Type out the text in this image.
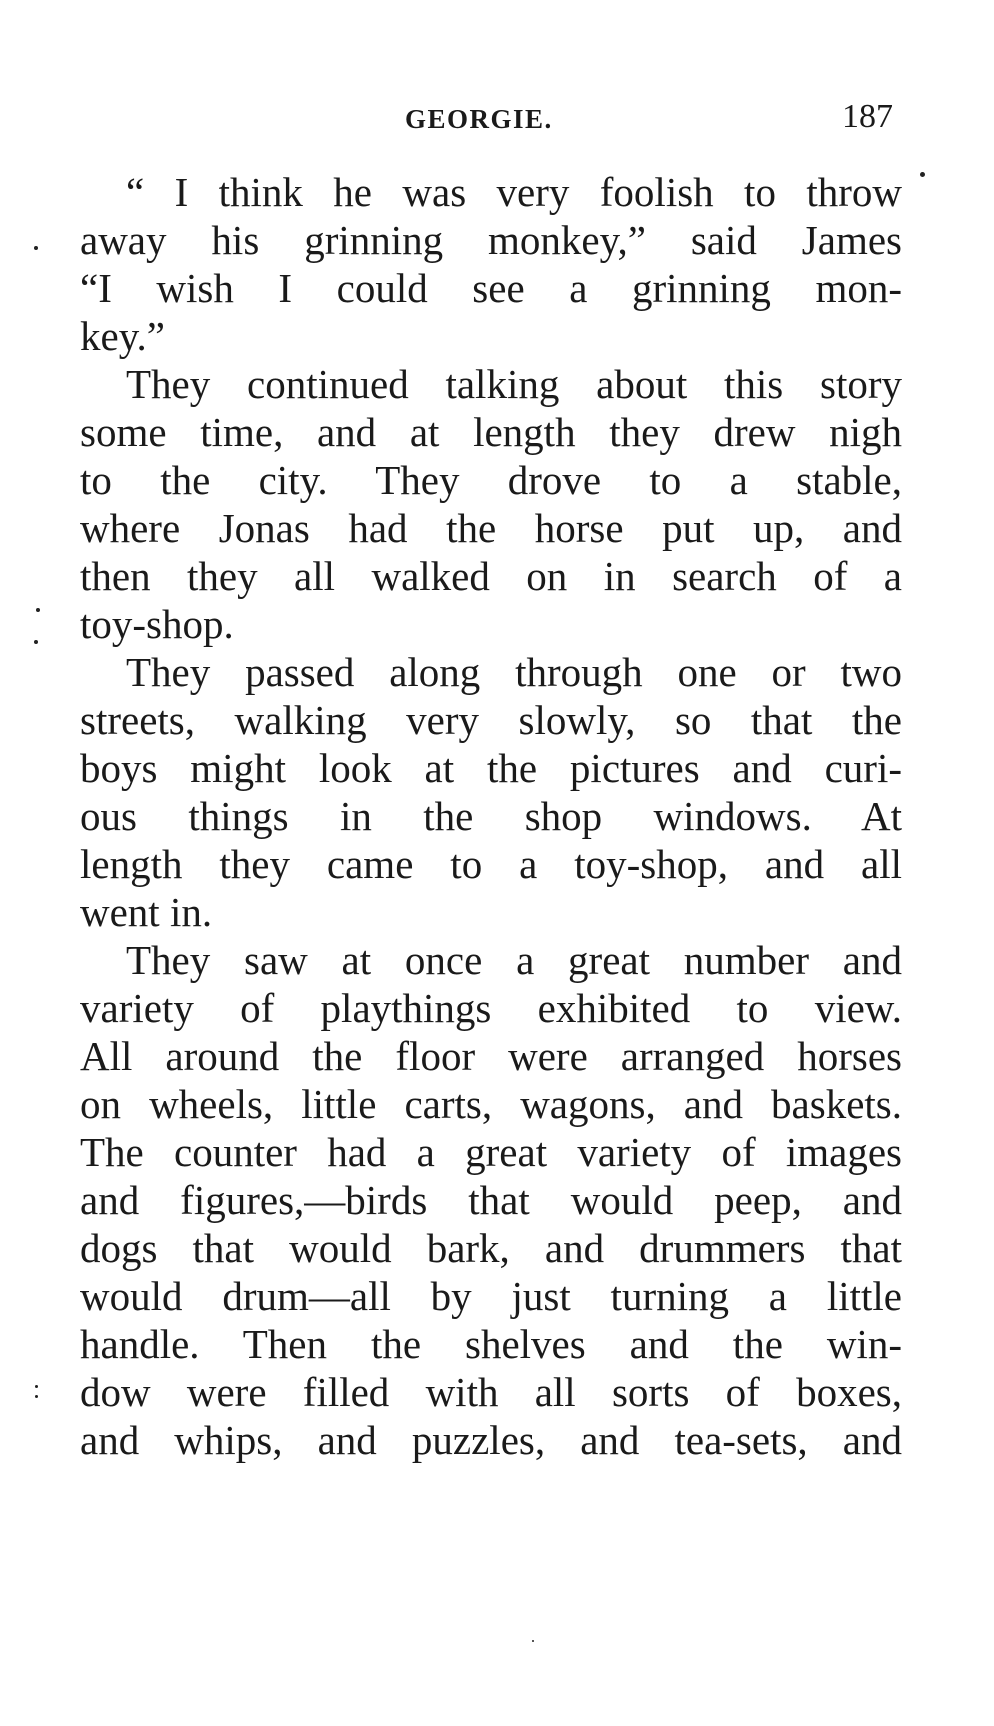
GEORGIE.	187
“ I think he was very foolish to throw
away his grinning monkey,” said James
“I wish I could see a grinning mon-
key.”
They continued talking about this story
some time, and at length they drew nigh
to the city. They drove to a stable,
where Jonas had the horse put up, and
then they all walked on in search of a
toy-shop.
They passed along through one or two
streets, walking very slowly, so that the
boys might look at the pictures and curi-
ous things in the shop windows. At
length they came to a toy-shop, and all
went in.
They saw at once a great number and
variety of playthings exhibited to view.
All around the floor were arranged horses
on wheels, little carts, wagons, and baskets.
The counter had a great variety of images
and figures,—birds that would peep, and
dogs that would bark, and drummers that
would drum—all by just turning a little
handle. Then the shelves and the win-
dow were filled with all sorts of boxes,
and whips, and puzzles, and tea-sets, and
